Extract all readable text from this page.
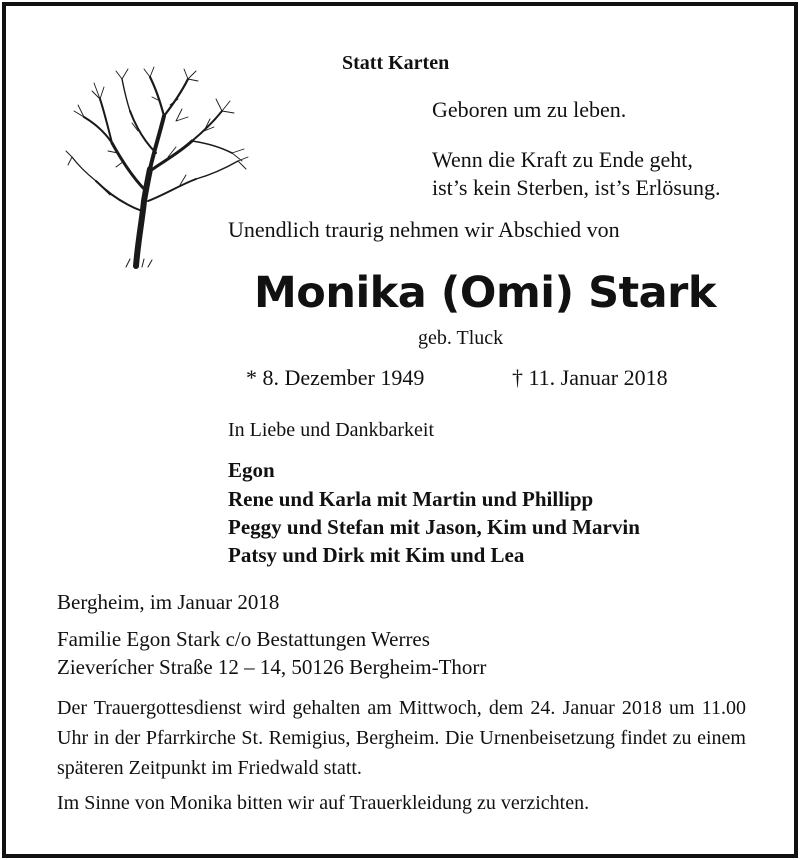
Statt Karten

Geboren um zu leben.

Wenn die Kraft zu Ende geht,

ist’s kein Sterben, ist’s Erlösung.

Unendlich traurig nehmen wir Abschied von

Monika (Omi) Stark

geb. Tluck

* 8. Dezember 1949	† 11. Januar 2018

In Liebe und Dankbarkeit

Egon

Rene und Karla mit Martin und Phillipp

Peggy und Stefan mit Jason, Kim und Marvin

Patsy und Dirk mit Kim und Lea

Bergheim, im Januar 2018

Familie Egon Stark c/o Bestattungen Werres

Zieverícher Straße 12 – 14, 50126 Bergheim-Thorr

Der Trauergottesdienst wird gehalten am Mittwoch, dem 24. Januar 2018 um 11.00 Uhr in der Pfarrkirche St. Remigius, Bergheim. Die Urnenbeisetzung findet zu einem späteren Zeitpunkt im Friedwald statt.

Im Sinne von Monika bitten wir auf Trauerkleidung zu verzichten.
